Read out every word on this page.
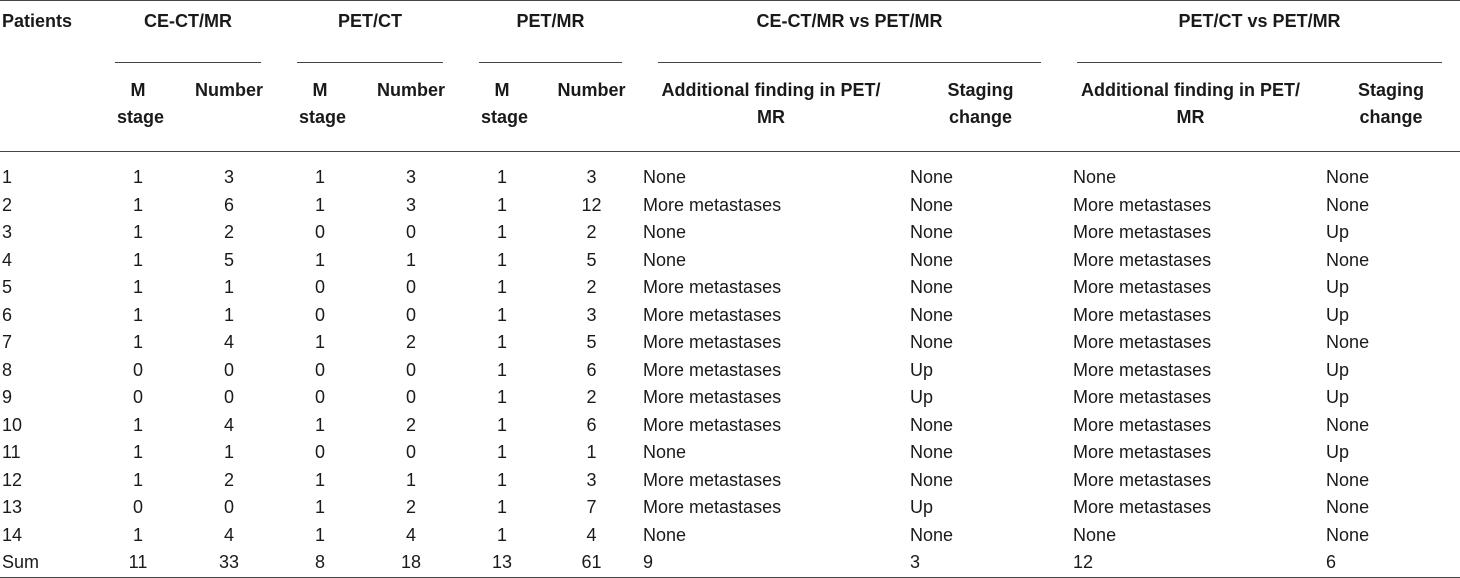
Patients	CE-CT/MR		PET/CT		PET/MR		CE-CT/MR vs PET/MR		PET/CT vs PET/MR	

	M stage	Number	M stage	Number	M stage	Number	Additional finding in PET/ MR	Staging change	Additional finding in PET/ MR	Staging change

1	1	3	1	3	1	3	None	None	None	None
2	1	6	1	3	1	12	More metastases	None	More metastases	None
3	1	2	0	0	1	2	None	None	More metastases	Up
4	1	5	1	1	1	5	None	None	More metastases	None
5	1	1	0	0	1	2	More metastases	None	More metastases	Up
6	1	1	0	0	1	3	More metastases	None	More metastases	Up
7	1	4	1	2	1	5	More metastases	None	More metastases	None
8	0	0	0	0	1	6	More metastases	Up	More metastases	Up
9	0	0	0	0	1	2	More metastases	Up	More metastases	Up
10	1	4	1	2	1	6	More metastases	None	More metastases	None
11	1	1	0	0	1	1	None	None	More metastases	Up
12	1	2	1	1	1	3	More metastases	None	More metastases	None
13	0	0	1	2	1	7	More metastases	Up	More metastases	None
14	1	4	1	4	1	4	None	None	None	None
Sum	11	33	8	18	13	61	9	3	12	6
